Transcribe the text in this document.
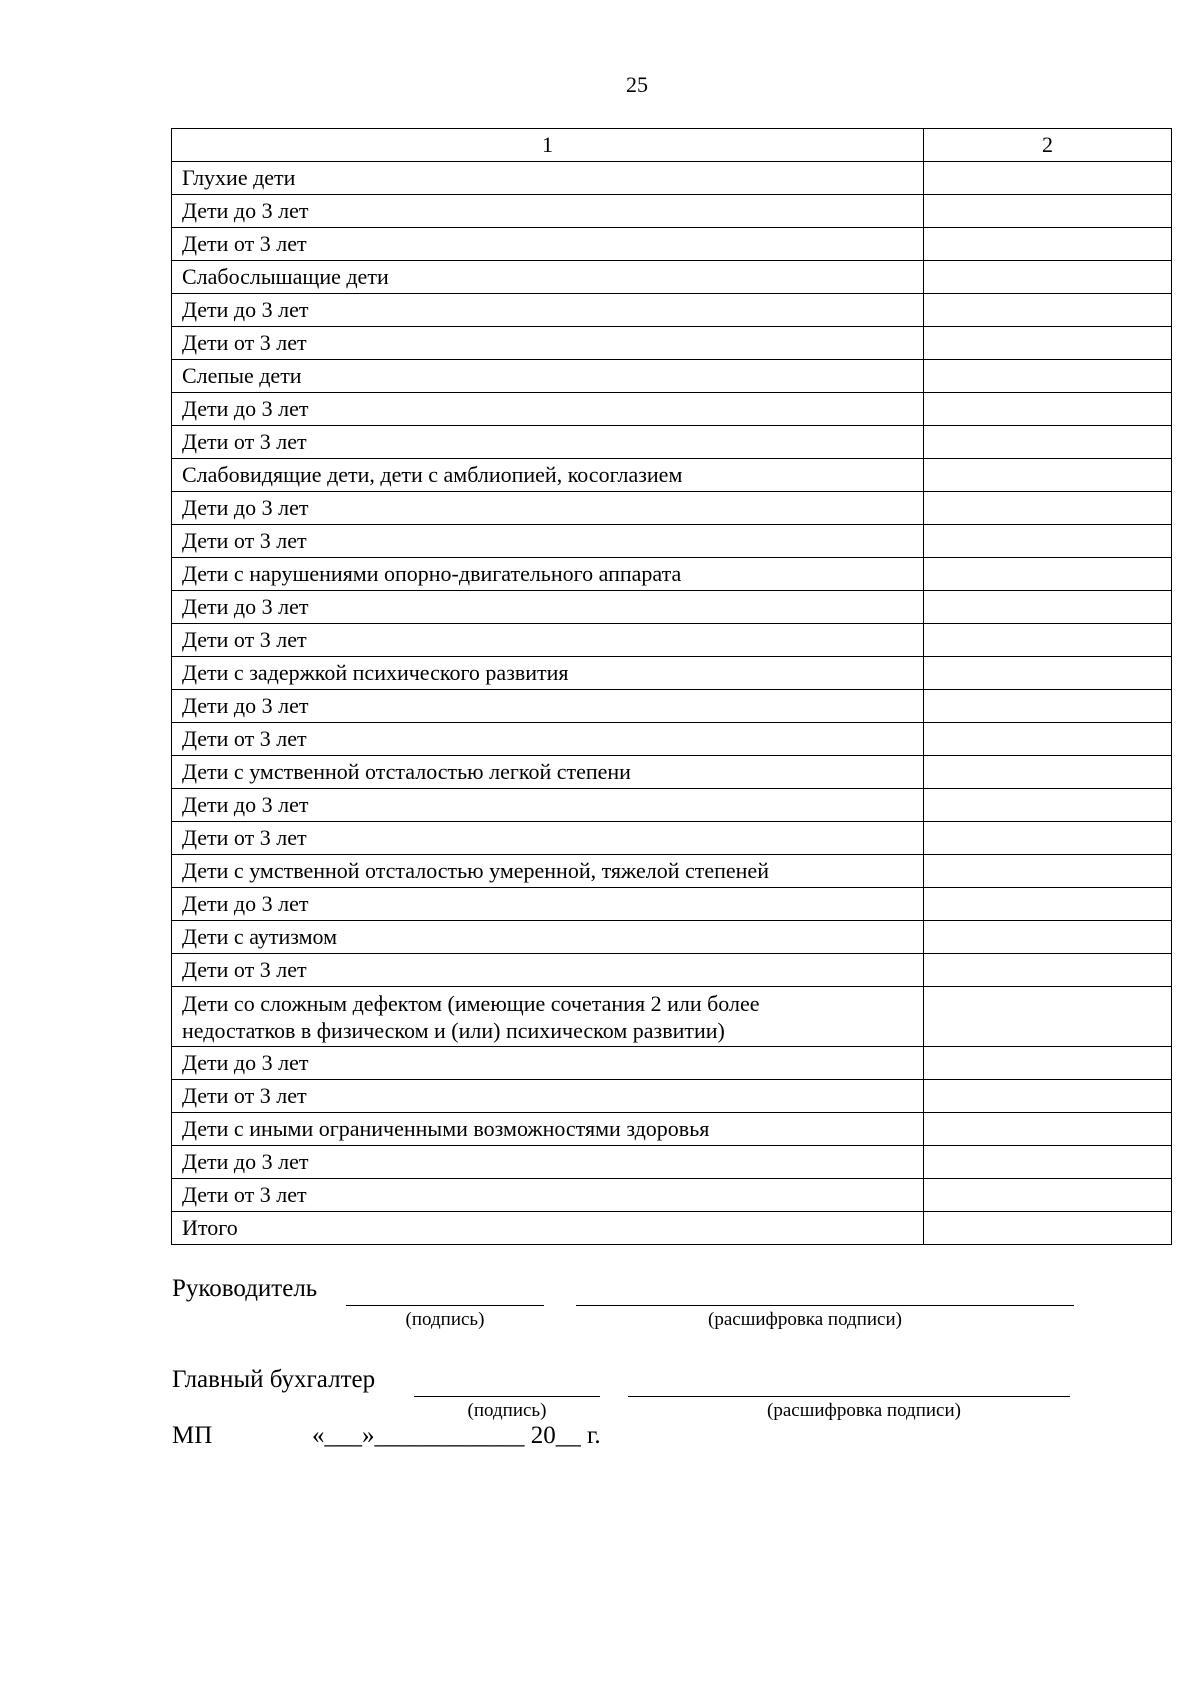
25
1	2
Глухие дети	
Дети до 3 лет	
Дети от 3 лет	
Слабослышащие дети	
Дети до 3 лет	
Дети от 3 лет	
Слепые дети	
Дети до 3 лет	
Дети от 3 лет	
Слабовидящие дети, дети с амблиопией, косоглазием	
Дети до 3 лет	
Дети от 3 лет	
Дети с нарушениями опорно-двигательного аппарата	
Дети до 3 лет	
Дети от 3 лет	
Дети с задержкой психического развития	
Дети до 3 лет	
Дети от 3 лет	
Дети с умственной отсталостью легкой степени	
Дети до 3 лет	
Дети от 3 лет	
Дети с умственной отсталостью умеренной, тяжелой степеней	
Дети до 3 лет	
Дети с аутизмом	
Дети от 3 лет	
Дети со сложным дефектом (имеющие сочетания 2 или более
недостатков в физическом и (или) психическом развитии)	
Дети до 3 лет	
Дети от 3 лет	
Дети с иными ограниченными возможностями здоровья	
Дети до 3 лет	
Дети от 3 лет	
Итого	
Руководитель
(подпись)	(расшифровка подписи)
Главный бухгалтер
(подпись)	(расшифровка подписи)
МП	«___»____________ 20__ г.
